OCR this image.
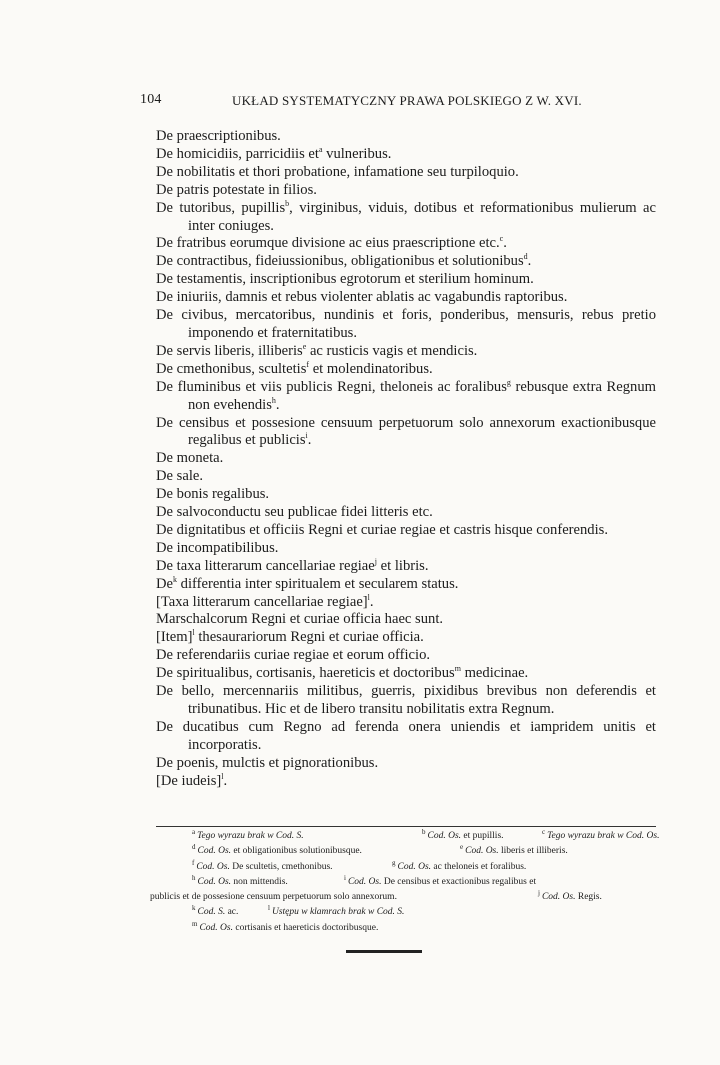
104	UKŁAD SYSTEMATYCZNY PRAWA POLSKIEGO Z W. XVI.
De praescriptionibus.
De homicidiis, parricidiis et$^a$ vulneribus.
De nobilitatis et thori probatione, infamatione seu turpiloquio.
De patris potestate in filios.
De tutoribus, pupillis$^b$, virginibus, viduis, dotibus et reformationibus mulierum ac inter coniuges.
De fratribus eorumque divisione ac eius praescriptione etc.$^c$.
De contractibus, fideiussionibus, obligationibus et solutionibus$^d$.
De testamentis, inscriptionibus egrotorum et sterilium hominum.
De iniuriis, damnis et rebus violenter ablatis ac vagabundis raptoribus.
De civibus, mercatoribus, nundinis et foris, ponderibus, mensuris, rebus pretio imponendo et fraternitatibus.
De servis liberis, illiberis$^e$ ac rusticis vagis et mendicis.
De cmethonibus, scultetis$^f$ et molendinatoribus.
De fluminibus et viis publicis Regni, theloneis ac foralibus$^g$ rebusque extra Regnum non evehendis$^h$.
De censibus et possesione censuum perpetuorum solo annexorum exactionibusque regalibus et publicis$^i$.
De moneta.
De sale.
De bonis regalibus.
De salvoconductu seu publicae fidei litteris etc.
De dignitatibus et officiis Regni et curiae regiae et castris hisque conferendis.
De incompatibilibus.
De taxa litterarum cancellariae regiae$^j$ et libris.
De$^k$ differentia inter spiritualem et secularem status.
[Taxa litterarum cancellariae regiae]$^l$.
Marschalcorum Regni et curiae officia haec sunt.
[Item]$^l$ thesaurariorum Regni et curiae officia.
De referendariis curiae regiae et eorum officio.
De spiritualibus, cortisanis, haereticis et doctoribus$^m$ medicinae.
De bello, mercennariis militibus, guerris, pixidibus brevibus non deferendis et tribunatibus. Hic et de libero transitu nobilitatis extra Regnum.
De ducatibus cum Regno ad ferenda onera uniendis et iampridem unitis et incorporatis.
De poenis, mulctis et pignorationibus.
[De iudeis]$^l$.
$^a$ Tego wyrazu brak w Cod. S.	$^b$ Cod. Os. et pupillis.	$^c$ Tego wyrazu brak w Cod. Os.
$^d$ Cod. Os. et obligationibus solutionibusque.	$^e$ Cod. Os. liberis et illiberis.
$^f$ Cod. Os. De scultetis, cmethonibus.	$^g$ Cod. Os. ac theloneis et foralibus.
$^h$ Cod. Os. non mittendis.	$^i$ Cod. Os. De censibus et exactionibus regalibus et
publicis et de possesione censuum perpetuorum solo annexorum.	$^j$ Cod. Os. Regis.
$^k$ Cod. S. ac.	$^l$ Ustępu w klamrach brak w Cod. S.
$^m$ Cod. Os. cortisanis et haereticis doctoribusque.
